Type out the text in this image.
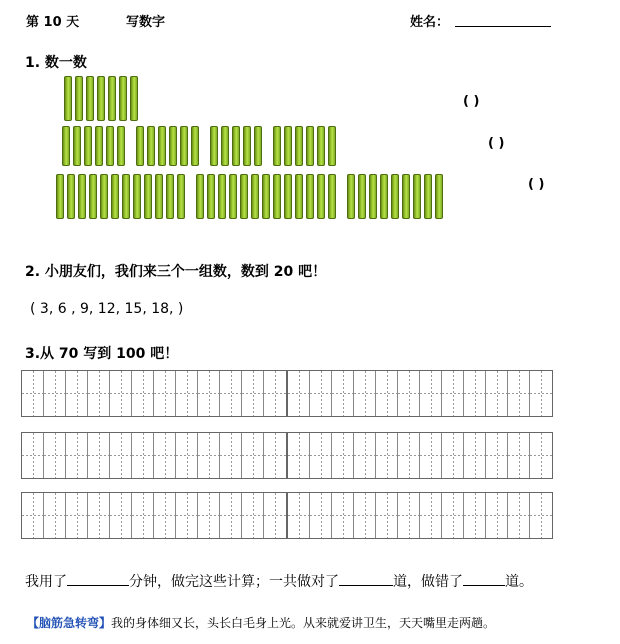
第 10 天	写数字	姓名：
1. 数一数
( )
( )
( )
2. 小朋友们，我们来三个一组数，数到 20 吧！
( 3, 6 , 9, 12, 15, 18, )
3.从 70 写到 100 吧！
我用了	分钟，做完这些计算；一共做对了	道，做错了	道。
【脑筋急转弯】我的身体细又长，头长白毛身上光。从来就爱讲卫生，天天嘴里走两趟。
